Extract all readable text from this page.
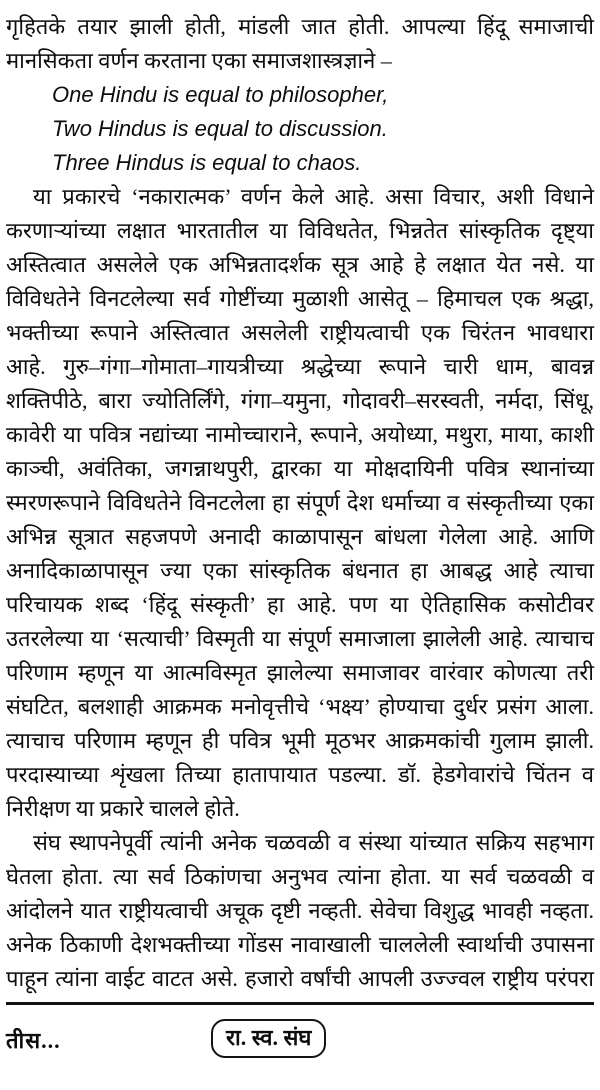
गृहितके तयार झाली होती, मांडली जात होती. आपल्या हिंदू समाजाची
मानसिकता वर्णन करताना एका समाजशास्त्रज्ञाने –
One Hindu is equal to philosopher,
Two Hindus is equal to discussion.
Three Hindus is equal to chaos.
या प्रकारचे ‘नकारात्मक’ वर्णन केले आहे. असा विचार, अशी विधाने
करणाऱ्यांच्या लक्षात भारतातील या विविधतेत, भिन्नतेत सांस्कृतिक दृष्ट्या
अस्तित्वात असलेले एक अभिन्नतादर्शक सूत्र आहे हे लक्षात येत नसे. या
विविधतेने विनटलेल्या सर्व गोष्टींच्या मुळाशी आसेतू – हिमाचल एक श्रद्धा,
भक्तीच्या रूपाने अस्तित्वात असलेली राष्ट्रीयत्वाची एक चिरंतन भावधारा
आहे. गुरु–गंगा–गोमाता–गायत्रीच्या श्रद्धेच्या रूपाने चारी धाम, बावन्न
शक्तिपीठे, बारा ज्योतिर्लिंगे, गंगा–यमुना, गोदावरी–सरस्वती, नर्मदा, सिंधू,
कावेरी या पवित्र नद्यांच्या नामोच्चाराने, रूपाने, अयोध्या, मथुरा, माया, काशी
काञ्ची, अवंतिका, जगन्नाथपुरी, द्वारका या मोक्षदायिनी पवित्र स्थानांच्या
स्मरणरूपाने विविधतेने विनटलेला हा संपूर्ण देश धर्माच्या व संस्कृतीच्या एका
अभिन्न सूत्रात सहजपणे अनादी काळापासून बांधला गेलेला आहे. आणि
अनादिकाळापासून ज्या एका सांस्कृतिक बंधनात हा आबद्ध आहे त्याचा
परिचायक शब्द ‘हिंदू संस्कृती’ हा आहे. पण या ऐतिहासिक कसोटीवर
उतरलेल्या या ‘सत्याची’ विस्मृती या संपूर्ण समाजाला झालेली आहे. त्याचाच
परिणाम म्हणून या आत्मविस्मृत झालेल्या समाजावर वारंवार कोणत्या तरी
संघटित, बलशाही आक्रमक मनोवृत्तीचे ‘भक्ष्य’ होण्याचा दुर्धर प्रसंग आला.
त्याचाच परिणाम म्हणून ही पवित्र भूमी मूठभर आक्रमकांची गुलाम झाली.
परदास्याच्या शृंखला तिच्या हातापायात पडल्या. डॉ. हेडगेवारांचे चिंतन व
निरीक्षण या प्रकारे चालले होते.
संघ स्थापनेपूर्वी त्यांनी अनेक चळवळी व संस्था यांच्यात सक्रिय सहभाग
घेतला होता. त्या सर्व ठिकांणचा अनुभव त्यांना होता. या सर्व चळवळी व
आंदोलने यात राष्ट्रीयत्वाची अचूक दृष्टी नव्हती. सेवेचा विशुद्ध भावही नव्हता.
अनेक ठिकाणी देशभक्तीच्या गोंडस नावाखाली चाललेली स्वार्थाची उपासना
पाहून त्यांना वाईट वाटत असे. हजारो वर्षांची आपली उज्ज्वल राष्ट्रीय परंपरा
तीस...	रा. स्व. संघ
